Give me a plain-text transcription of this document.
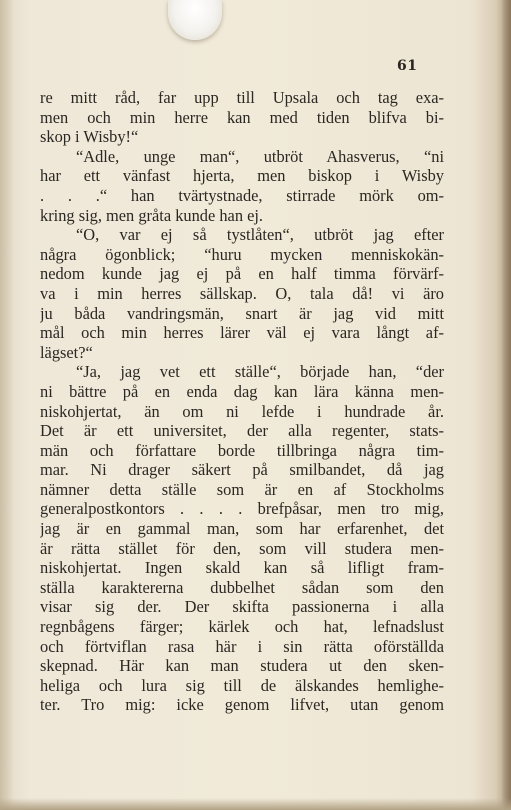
61
re mitt råd, far upp till Upsala och tag exa-
men och min herre kan med tiden blifva bi-
skop i Wisby!“
“Adle, unge man“, utbröt Ahasverus, “ni
har ett vänfast hjerta, men biskop i Wisby
. . .“ han tvärtystnade, stirrade mörk om-
kring sig, men gråta kunde han ej.
“O, var ej så tystlåten“, utbröt jag efter
några ögonblick; “huru mycken menniskokän-
nedom kunde jag ej på en half timma förvärf-
va i min herres sällskap. O, tala då! vi äro
ju båda vandringsmän, snart är jag vid mitt
mål och min herres lärer väl ej vara långt af-
lägset?“
“Ja, jag vet ett ställe“, började han, “der
ni bättre på en enda dag kan lära känna men-
niskohjertat, än om ni lefde i hundrade år.
Det är ett universitet, der alla regenter, stats-
män och författare borde tillbringa några tim-
mar. Ni drager säkert på smilbandet, då jag
nämner detta ställe som är en af Stockholms
generalpostkontors . . . . brefpåsar, men tro mig,
jag är en gammal man, som har erfarenhet, det
är rätta stället för den, som vill studera men-
niskohjertat. Ingen skald kan så lifligt fram-
ställa karaktererna dubbelhet sådan som den
visar sig der. Der skifta passionerna i alla
regnbågens färger; kärlek och hat, lefnadslust
och förtviflan rasa här i sin rätta oförställda
skepnad. Här kan man studera ut den sken-
heliga och lura sig till de älskandes hemlighe-
ter. Tro mig: icke genom lifvet, utan genom
